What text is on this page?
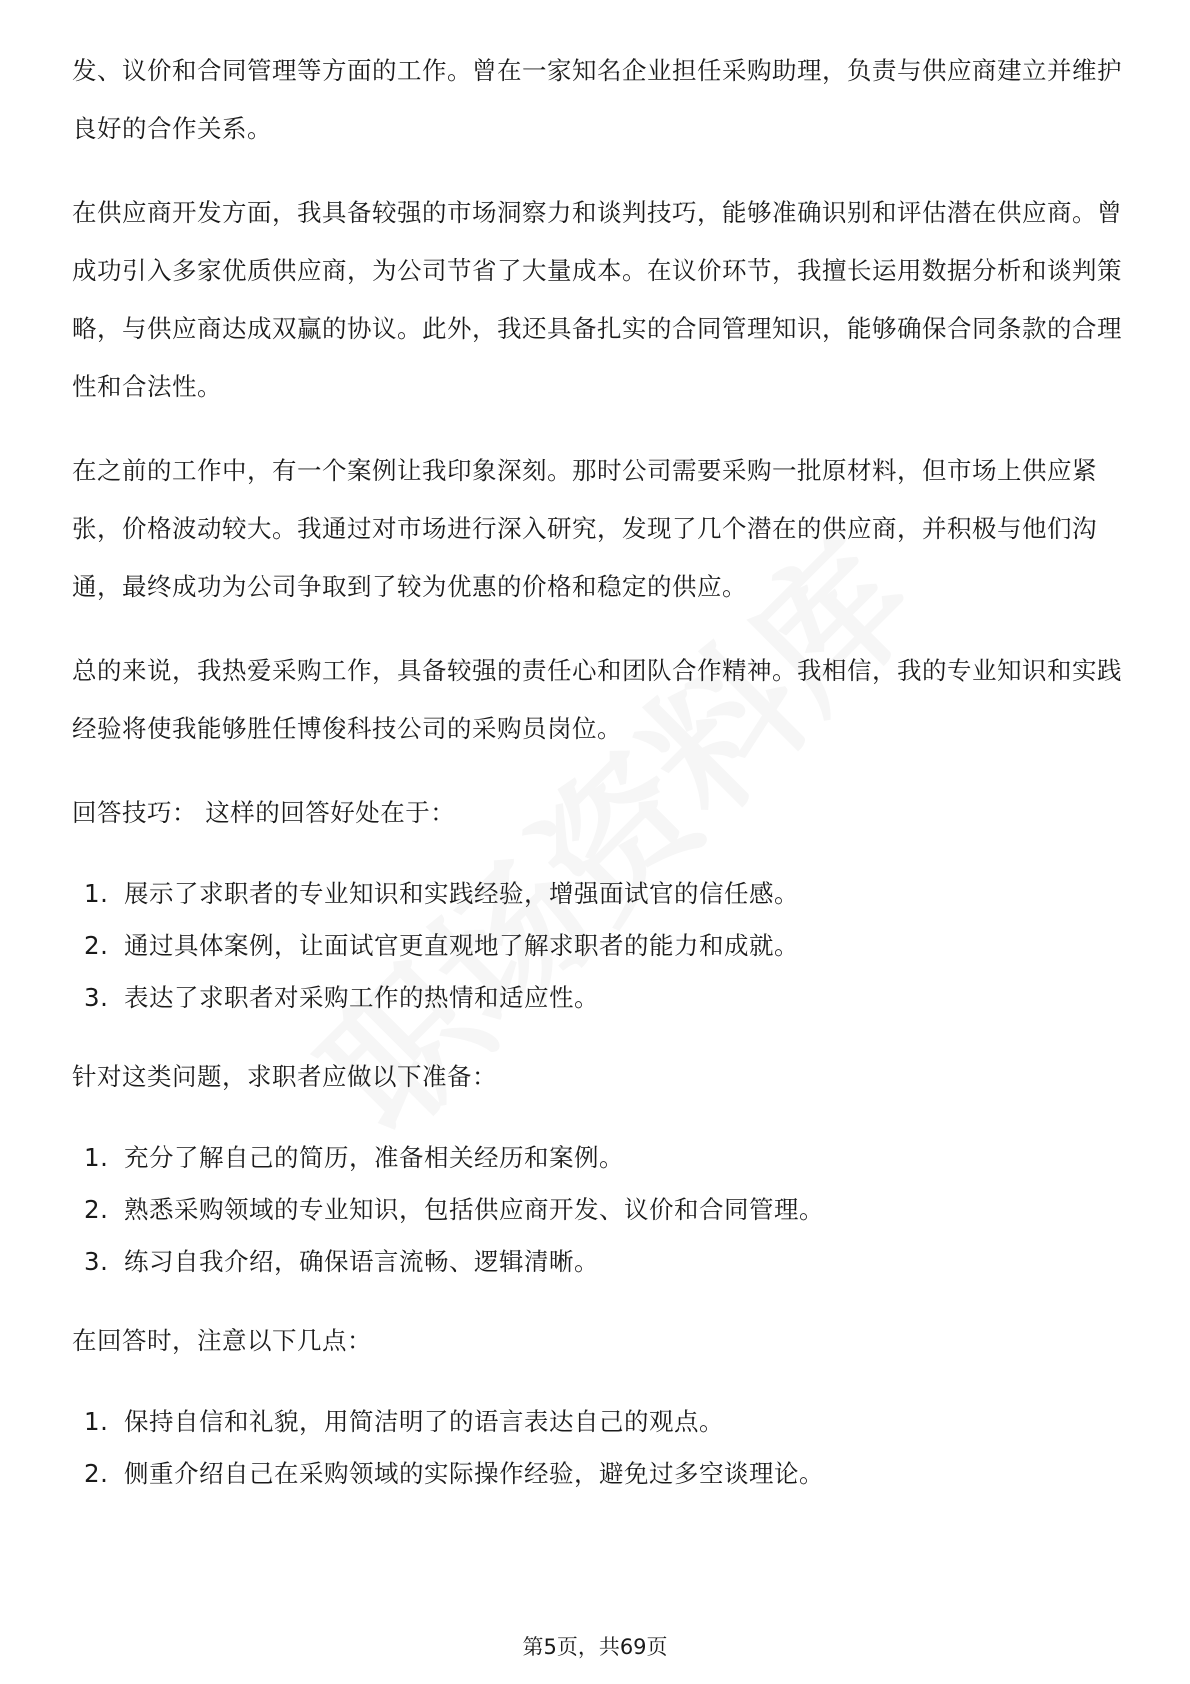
发、议价和合同管理等方面的工作。曾在一家知名企业担任采购助理，负责与供应商建立并维护良好的合作关系。

在供应商开发方面，我具备较强的市场洞察力和谈判技巧，能够准确识别和评估潜在供应商。曾成功引入多家优质供应商，为公司节省了大量成本。在议价环节，我擅长运用数据分析和谈判策略，与供应商达成双赢的协议。此外，我还具备扎实的合同管理知识，能够确保合同条款的合理性和合法性。

在之前的工作中，有一个案例让我印象深刻。那时公司需要采购一批原材料，但市场上供应紧张，价格波动较大。我通过对市场进行深入研究，发现了几个潜在的供应商，并积极与他们沟通，最终成功为公司争取到了较为优惠的价格和稳定的供应。

总的来说，我热爱采购工作，具备较强的责任心和团队合作精神。我相信，我的专业知识和实践经验将使我能够胜任博俊科技公司的采购员岗位。

回答技巧： 这样的回答好处在于：

1. 展示了求职者的专业知识和实践经验，增强面试官的信任感。
2. 通过具体案例，让面试官更直观地了解求职者的能力和成就。
3. 表达了求职者对采购工作的热情和适应性。

针对这类问题，求职者应做以下准备：

1. 充分了解自己的简历，准备相关经历和案例。
2. 熟悉采购领域的专业知识，包括供应商开发、议价和合同管理。
3. 练习自我介绍，确保语言流畅、逻辑清晰。

在回答时，注意以下几点：

1. 保持自信和礼貌，用简洁明了的语言表达自己的观点。
2. 侧重介绍自己在采购领域的实际操作经验，避免过多空谈理论。
第5页，共69页
